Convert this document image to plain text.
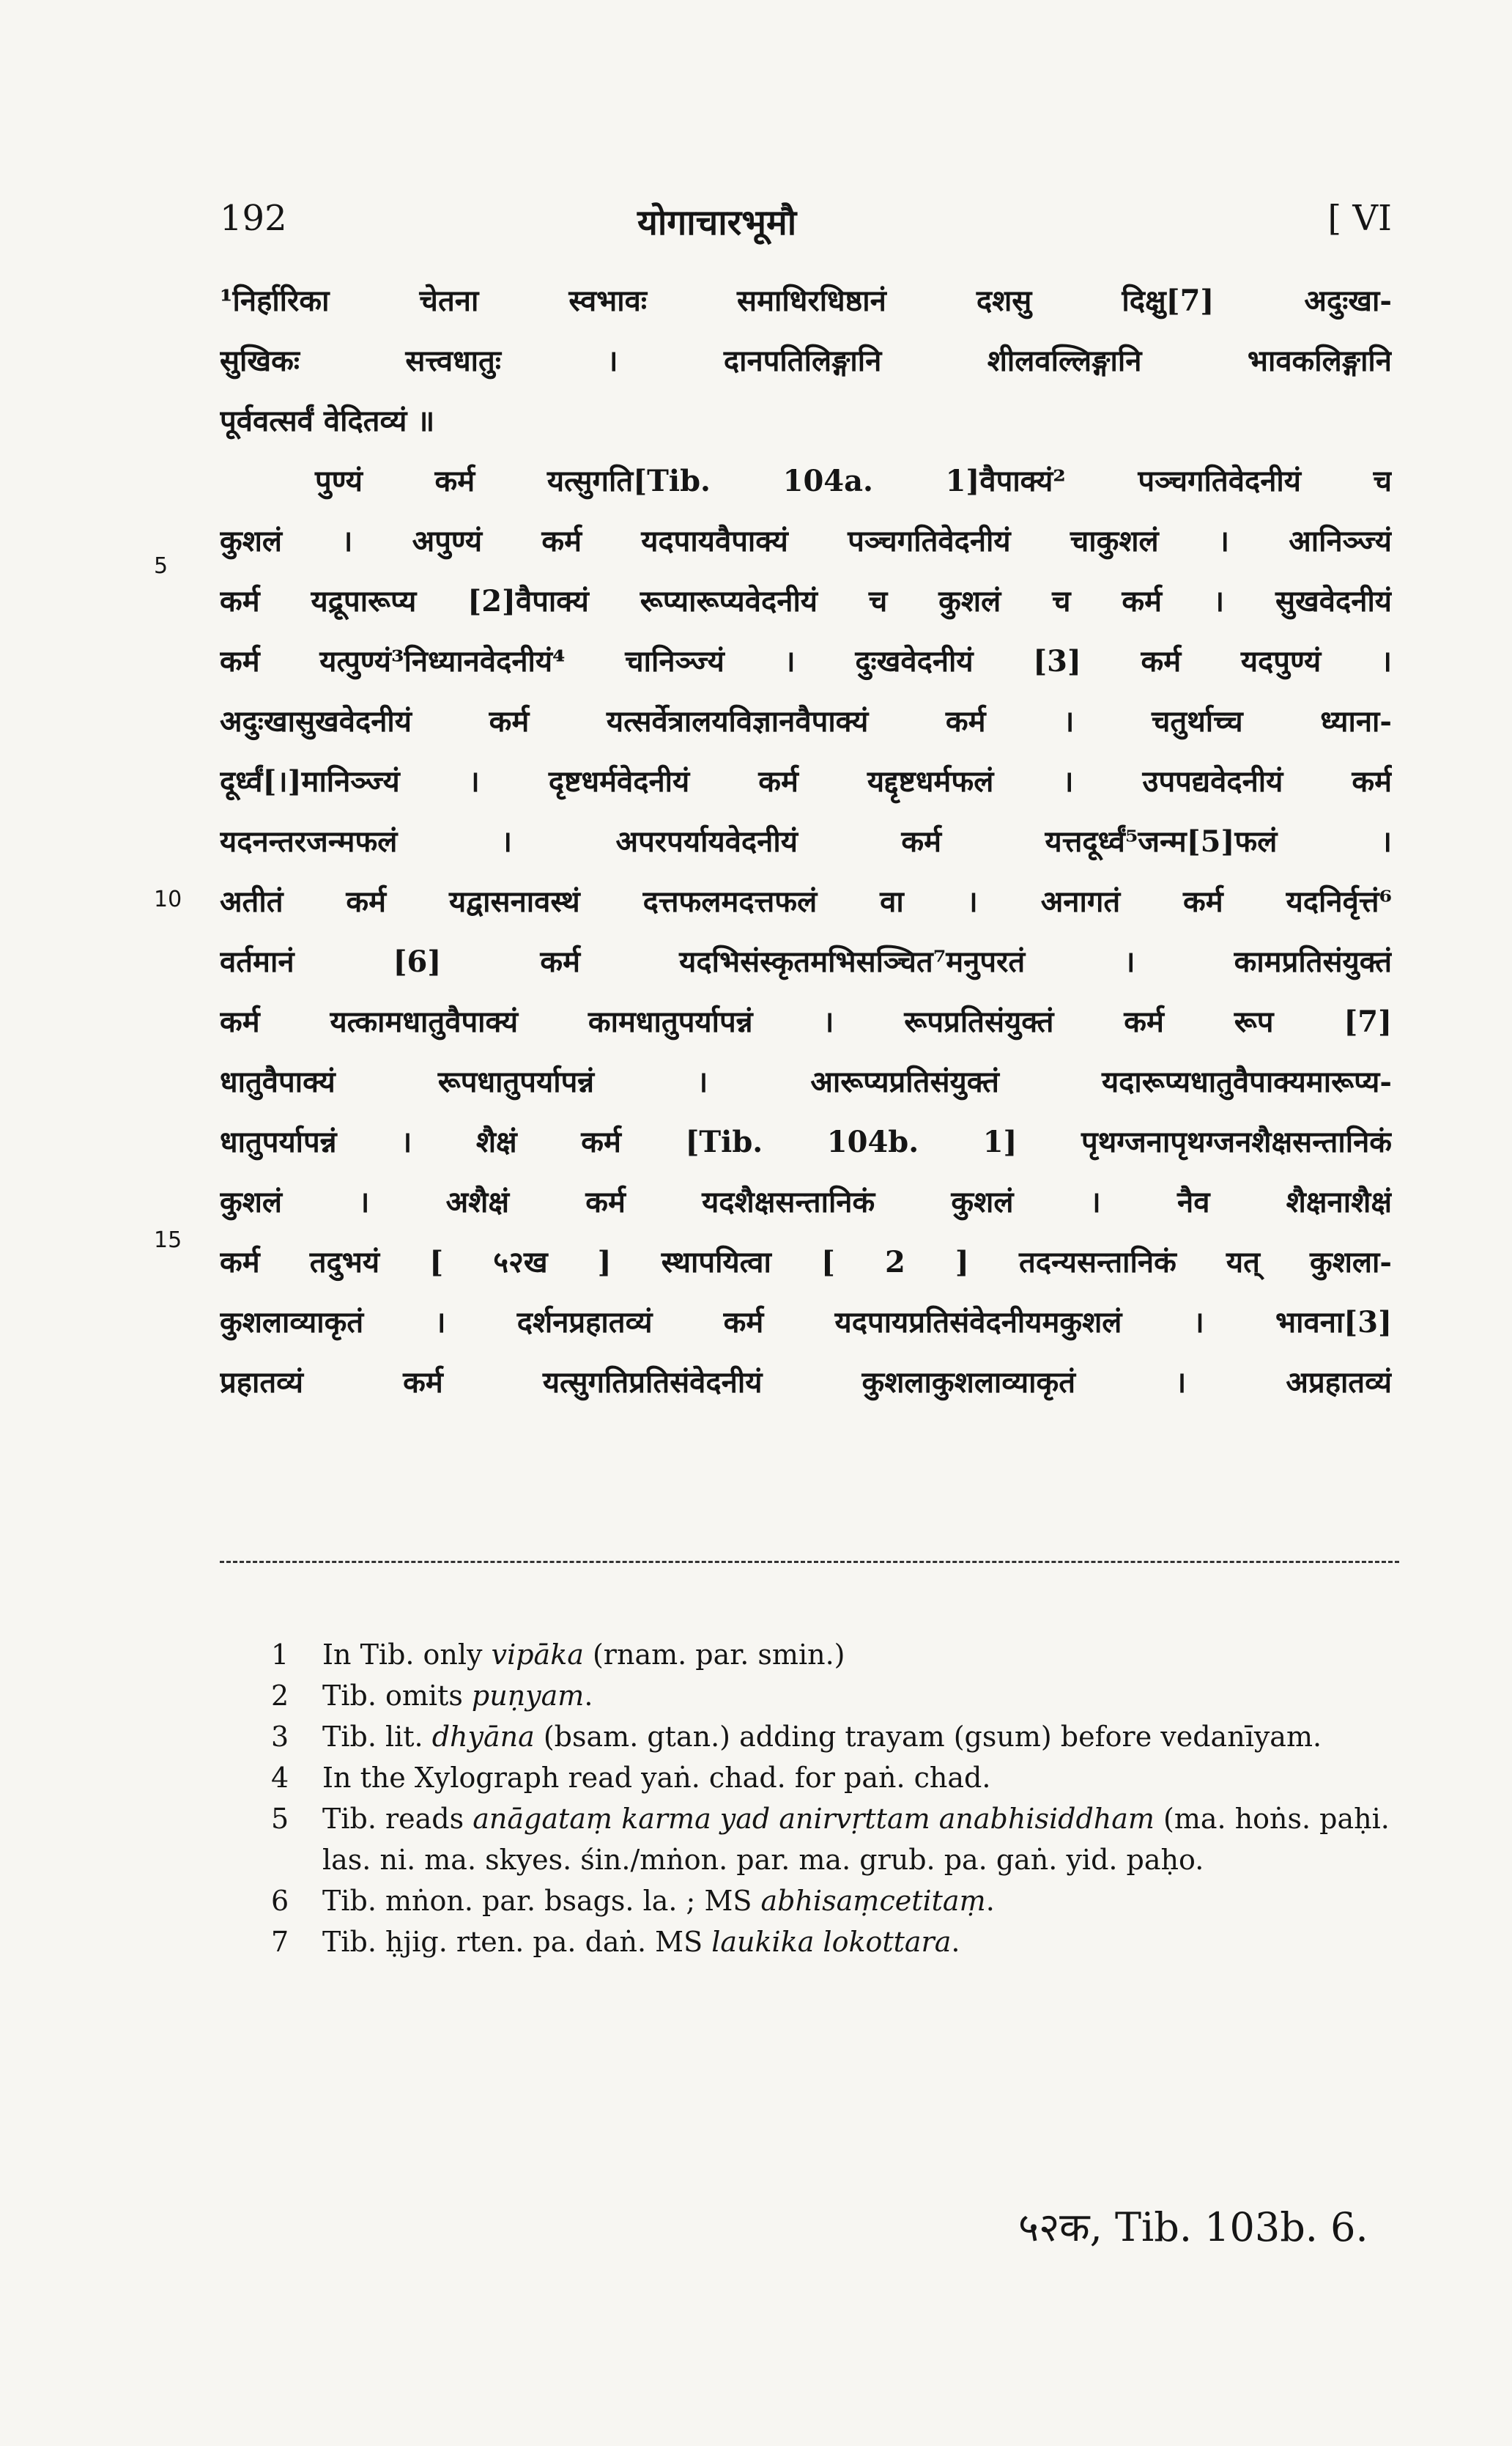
192	योगाचारभूमौ	[ VI
5
10
15
¹निर्हारिका चेतना स्वभावः समाधिरधिष्ठानं दशसु दिक्षु[7] अदुःखा-
सुखिकः सत्त्वधातुः । दानपतिलिङ्गानि शीलवल्लिङ्गानि भावकलिङ्गानि
पूर्ववत्सर्वं वेदितव्यं ॥
पुण्यं कर्म यत्सुगति[Tib. 104a. 1]वैपाक्यं² पञ्चगतिवेदनीयं च
कुशलं । अपुण्यं कर्म यदपायवैपाक्यं पञ्चगतिवेदनीयं चाकुशलं । आनिञ्ज्यं
कर्म यद्रूपारूप्य [2]वैपाक्यं रूप्यारूप्यवेदनीयं च कुशलं च कर्म । सुखवेदनीयं
कर्म यत्पुण्यं³निध्यानवेदनीयं⁴ चानिञ्ज्यं । दुःखवेदनीयं [3] कर्म यदपुण्यं ।
अदुःखासुखवेदनीयं कर्म यत्सर्वेत्रालयविज्ञानवैपाक्यं कर्म । चतुर्थाच्च ध्याना-
दूर्ध्वं[।]मानिञ्ज्यं । दृष्टधर्मवेदनीयं कर्म यद्दृष्टधर्मफलं । उपपद्यवेदनीयं कर्म
यदनन्तरजन्मफलं । अपरपर्यायवेदनीयं कर्म यत्तदूर्ध्वं⁵जन्म[5]फलं ।
अतीतं कर्म यद्वासनावस्थं दत्तफलमदत्तफलं वा । अनागतं कर्म यदनिर्वृत्तं⁶
वर्तमानं [6] कर्म यदभिसंस्कृतमभिसञ्चित⁷मनुपरतं । कामप्रतिसंयुक्तं
कर्म यत्कामधातुवैपाक्यं कामधातुपर्यापन्नं । रूपप्रतिसंयुक्तं कर्म रूप [7]
धातुवैपाक्यं रूपधातुपर्यापन्नं । आरूप्यप्रतिसंयुक्तं यदारूप्यधातुवैपाक्यमारूप्य-
धातुपर्यापन्नं । शैक्षं कर्म [Tib. 104b. 1] पृथग्जनापृथग्जनशैक्षसन्तानिकं
कुशलं । अशैक्षं कर्म यदशैक्षसन्तानिकं कुशलं । नैव शैक्षनाशैक्षं
कर्म तदुभयं [ ५२ख ] स्थापयित्वा [ 2 ] तदन्यसन्तानिकं यत् कुशला-
कुशलाव्याकृतं । दर्शनप्रहातव्यं कर्म यदपायप्रतिसंवेदनीयमकुशलं । भावना[3]
प्रहातव्यं कर्म यत्सुगतिप्रतिसंवेदनीयं कुशलाकुशलाव्याकृतं । अप्रहातव्यं
1	In Tib. only vipāka (rnam. par. smin.)
2	Tib. omits puṇyam.
3	Tib. lit. dhyāna (bsam. gtan.) adding trayam (gsum) before vedanīyam.
4	In the Xylograph read yaṅ. chad. for paṅ. chad.
5	Tib. reads anāgataṃ karma yad anirvṛttam anabhisiddham (ma. hoṅs. paḥi. las. ni. ma. skyes. śin./mṅon. par. ma. grub. pa. gaṅ. yid. paḥo.
6	Tib. mṅon. par. bsags. la. ; MS abhisaṃcetitaṃ.
7	Tib. ḥjig. rten. pa. daṅ. MS laukika lokottara.
५२क, Tib. 103b. 6.
